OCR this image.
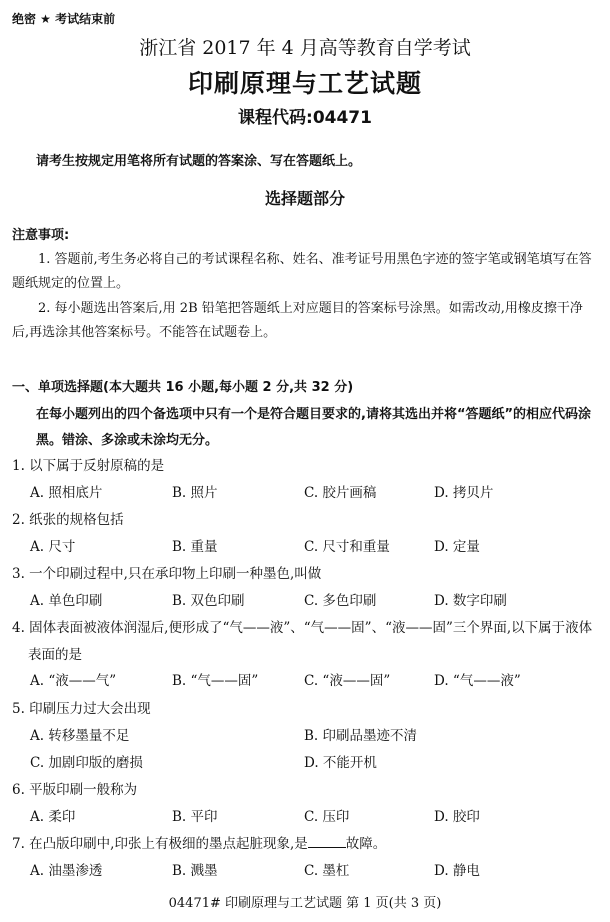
绝密 ★ 考试结束前
浙江省 2017 年 4 月高等教育自学考试
印刷原理与工艺试题
课程代码:04471
请考生按规定用笔将所有试题的答案涂、写在答题纸上。
选择题部分
注意事项:
1. 答题前,考生务必将自己的考试课程名称、姓名、准考证号用黑色字迹的签字笔或钢笔填写在答题纸规定的位置上。
2. 每小题选出答案后,用 2B 铅笔把答题纸上对应题目的答案标号涂黑。如需改动,用橡皮擦干净后,再选涂其他答案标号。不能答在试题卷上。
一、单项选择题(本大题共 16 小题,每小题 2 分,共 32 分)
在每小题列出的四个备选项中只有一个是符合题目要求的,请将其选出并将“答题纸”的相应代码涂黑。错涂、多涂或未涂均无分。
1. 以下属于反射原稿的是
A. 照相底片	B. 照片	C. 胶片画稿	D. 拷贝片
2. 纸张的规格包括
A. 尺寸	B. 重量	C. 尺寸和重量	D. 定量
3. 一个印刷过程中,只在承印物上印刷一种墨色,叫做
A. 单色印刷	B. 双色印刷	C. 多色印刷	D. 数字印刷
4. 固体表面被液体润湿后,便形成了“气——液”、“气——固”、“液——固”三个界面,以下属于液体表面的是
A. “液——气”	B. “气——固”	C. “液——固”	D. “气——液”
5. 印刷压力过大会出现
A. 转移墨量不足	B. 印刷品墨迹不清
C. 加剧印版的磨损	D. 不能开机
6. 平版印刷一般称为
A. 柔印	B. 平印	C. 压印	D. 胶印
7. 在凸版印刷中,印张上有极细的墨点起脏现象,是	故障。
A. 油墨渗透	B. 溅墨	C. 墨杠	D. 静电
04471# 印刷原理与工艺试题 第 1 页(共 3 页)
